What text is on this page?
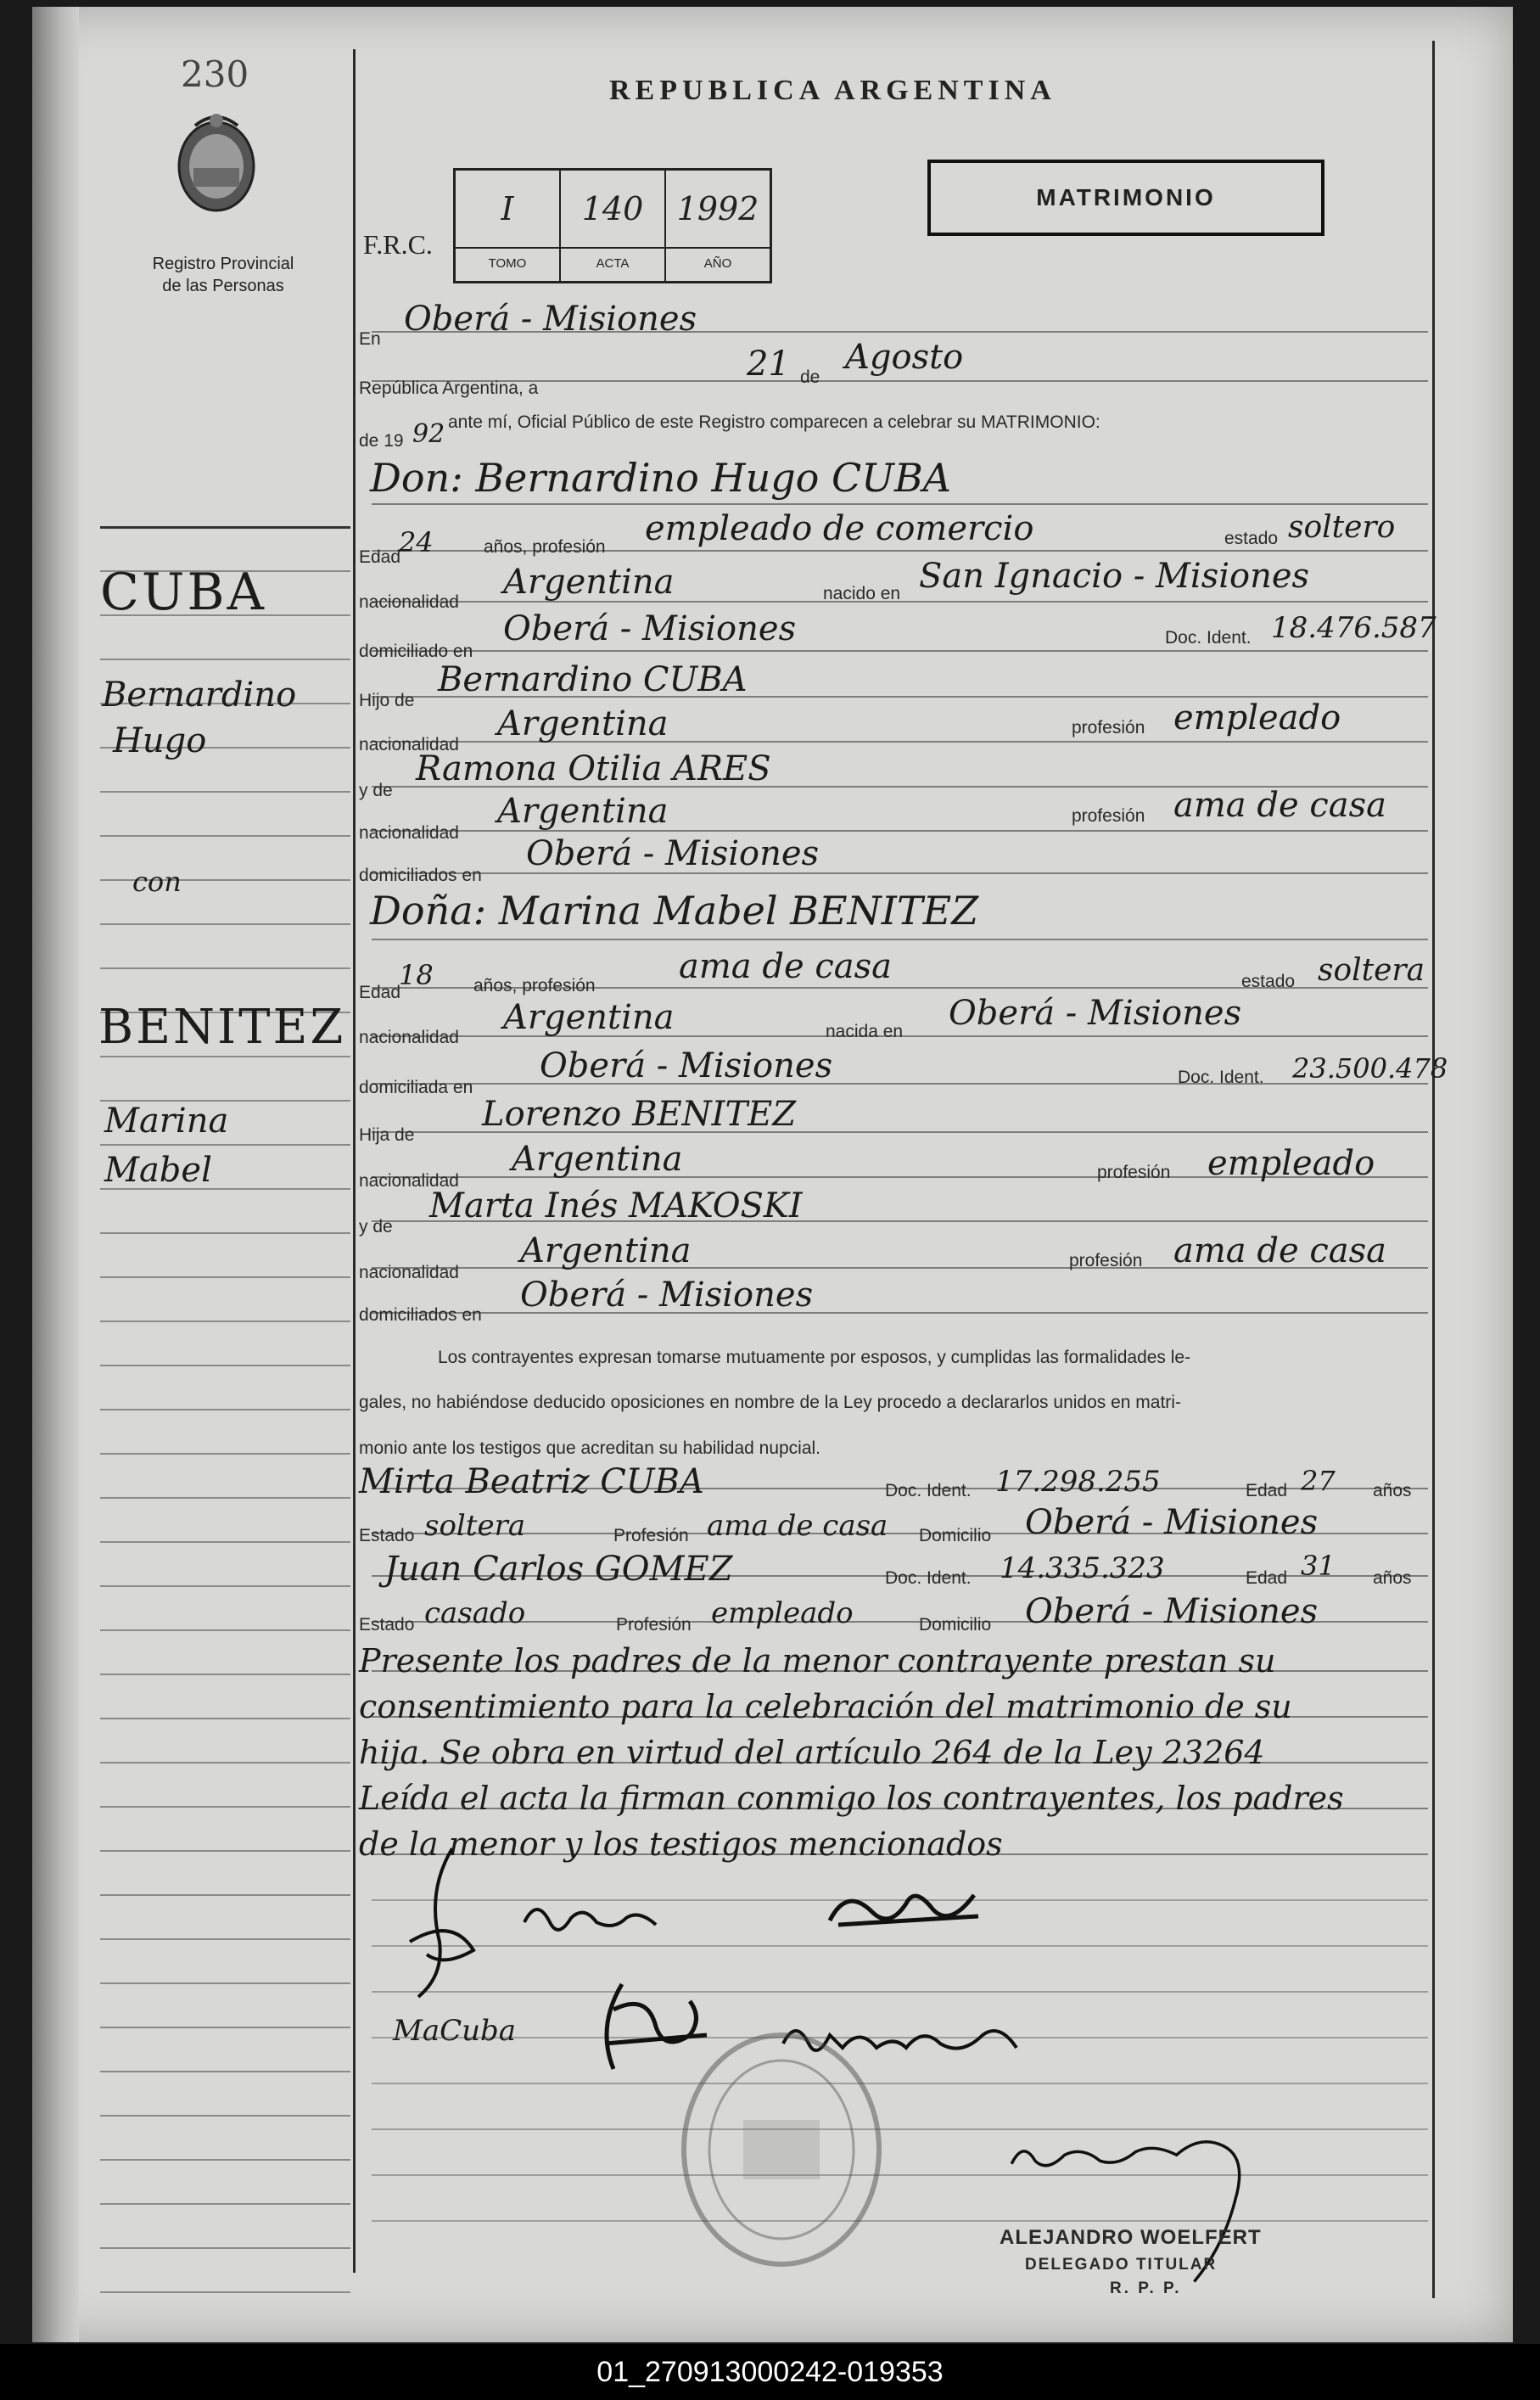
230
Registro Provincial
de las Personas
REPUBLICA ARGENTINA
F.R.C.
I
TOMO
140
ACTA
1992
AÑO
MATRIMONIO
CUBA
Bernardino
Hugo
con
BENITEZ
Marina
Mabel
En
Oberá - Misiones
República Argentina, a
21 de
Agosto
de 19 92 ante mí, Oficial Público de este Registro comparecen a celebrar su MATRIMONIO:
Don: Bernardino Hugo CUBA
Edad
24	años, profesión empleado de comercio	estado soltero
nacionalidad
Argentina	nacido en San Ignacio - Misiones
domiciliado en
Oberá - Misiones	Doc. Ident. 18.476.587
Hijo de
Bernardino CUBA
nacionalidad
Argentina	profesión empleado
y de
Ramona Otilia ARES
nacionalidad
Argentina	profesión ama de casa
domiciliados en
Oberá - Misiones
Doña: Marina Mabel BENITEZ
Edad
18 años, profesión ama de casa	estado soltera
nacionalidad
Argentina	nacida en Oberá - Misiones
domiciliada en
Oberá - Misiones	Doc. Ident. 23.500.478
Hija de
Lorenzo BENITEZ
nacionalidad
Argentina	profesión empleado
y de
Marta Inés MAKOSKI
nacionalidad
Argentina	profesión ama de casa
domiciliados en
Oberá - Misiones
Los contrayentes expresan tomarse mutuamente por esposos, y cumplidas las formalidades le-
gales, no habiéndose deducido oposiciones en nombre de la Ley procedo a declararlos unidos en matri-
monio ante los testigos que acreditan su habilidad nupcial.
Mirta Beatriz CUBA	Doc. Ident. 17.298.255	Edad 27 años
Estado soltera	Profesión ama de casa Domicilio Oberá - Misiones
Juan Carlos GOMEZ	Doc. Ident. 14.335.323	Edad 31 años
Estado casado	Profesión empleado	Domicilio Oberá - Misiones
Presente los padres de la menor contrayente prestan su
consentimiento para la celebración del matrimonio de su
hija. Se obra en virtud del artículo 264 de la Ley 23264
Leída el acta la firman conmigo los contrayentes, los padres
de la menor y los testigos mencionados
MaCuba
ALEJANDRO WOELFERT
DELEGADO TITULAR
R. P. P.
01_270913000242-019353
